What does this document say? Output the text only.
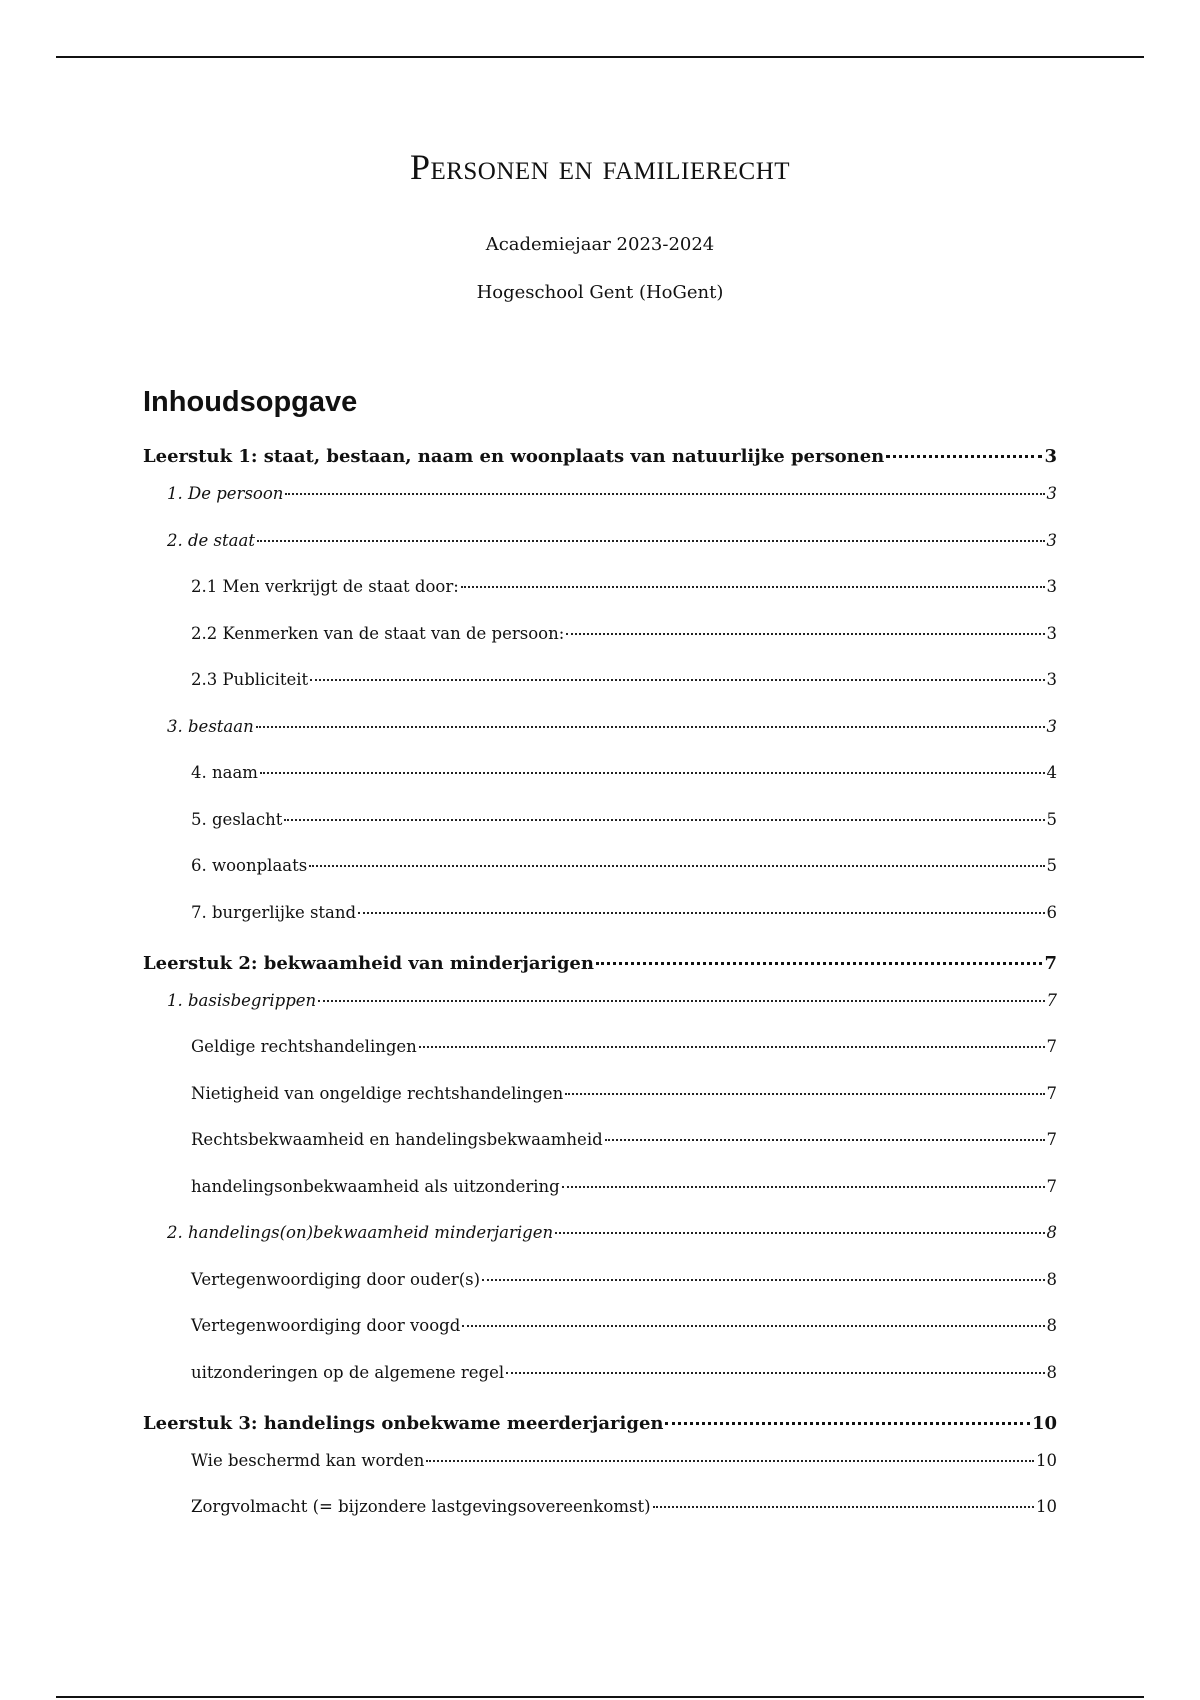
Personen en familierecht
Academiejaar 2023-2024
Hogeschool Gent (HoGent)
Inhoudsopgave
Leerstuk 1: staat, bestaan, naam en woonplaats van natuurlijke personen	3
1. De persoon	3
2. de staat	3
2.1 Men verkrijgt de staat door:	3
2.2 Kenmerken van de staat van de persoon:	3
2.3 Publiciteit	3
3. bestaan	3
4. naam	4
5. geslacht	5
6. woonplaats	5
7. burgerlijke stand	6
Leerstuk 2: bekwaamheid van minderjarigen	7
1. basisbegrippen	7
Geldige rechtshandelingen	7
Nietigheid van ongeldige rechtshandelingen	7
Rechtsbekwaamheid en handelingsbekwaamheid	7
handelingsonbekwaamheid als uitzondering	7
2. handelings(on)bekwaamheid minderjarigen	8
Vertegenwoordiging door ouder(s)	8
Vertegenwoordiging door voogd	8
uitzonderingen op de algemene regel	8
Leerstuk 3: handelings onbekwame meerderjarigen	10
Wie beschermd kan worden	10
Zorgvolmacht (= bijzondere lastgevingsovereenkomst)	10
